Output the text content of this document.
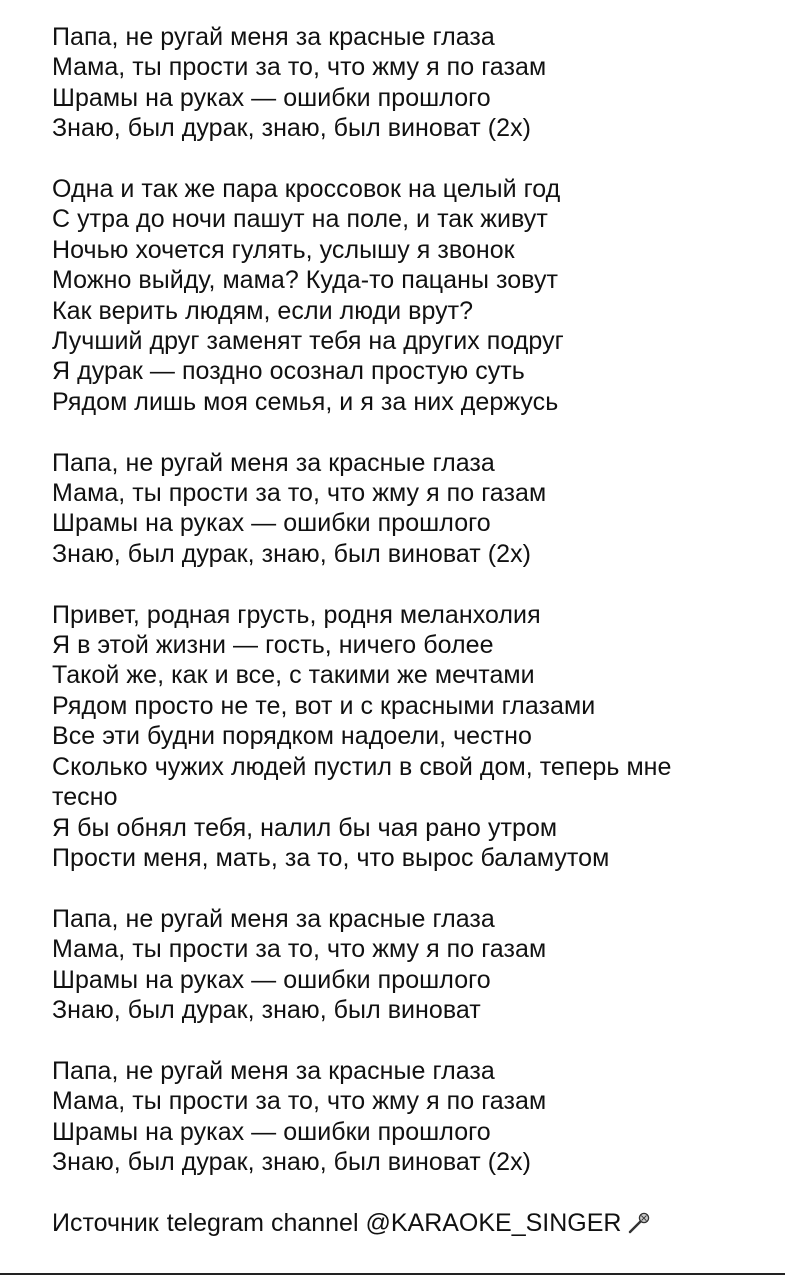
Папа, не ругай меня за красные глаза
Мама, ты прости за то, что жму я по газам
Шрамы на руках — ошибки прошлого
Знаю, был дурак, знаю, был виноват (2х)
Одна и так же пара кроссовок на целый год
С утра до ночи пашут на поле, и так живут
Ночью хочется гулять, услышу я звонок
Можно выйду, мама? Куда-то пацаны зовут
Как верить людям, если люди врут?
Лучший друг заменят тебя на других подруг
Я дурак — поздно осознал простую суть
Рядом лишь моя семья, и я за них держусь
Папа, не ругай меня за красные глаза
Мама, ты прости за то, что жму я по газам
Шрамы на руках — ошибки прошлого
Знаю, был дурак, знаю, был виноват (2х)
Привет, родная грусть, родня меланхолия
Я в этой жизни — гость, ничего более
Такой же, как и все, с такими же мечтами
Рядом просто не те, вот и с красными глазами
Все эти будни порядком надоели, честно
Сколько чужих людей пустил в свой дом, теперь мне тесно
Я бы обнял тебя, налил бы чая рано утром
Прости меня, мать, за то, что вырос баламутом
Папа, не ругай меня за красные глаза
Мама, ты прости за то, что жму я по газам
Шрамы на руках — ошибки прошлого
Знаю, был дурак, знаю, был виноват
Папа, не ругай меня за красные глаза
Мама, ты прости за то, что жму я по газам
Шрамы на руках — ошибки прошлого
Знаю, был дурак, знаю, был виноват (2х)
Источник telegram channel @KARAOKE_SINGER
